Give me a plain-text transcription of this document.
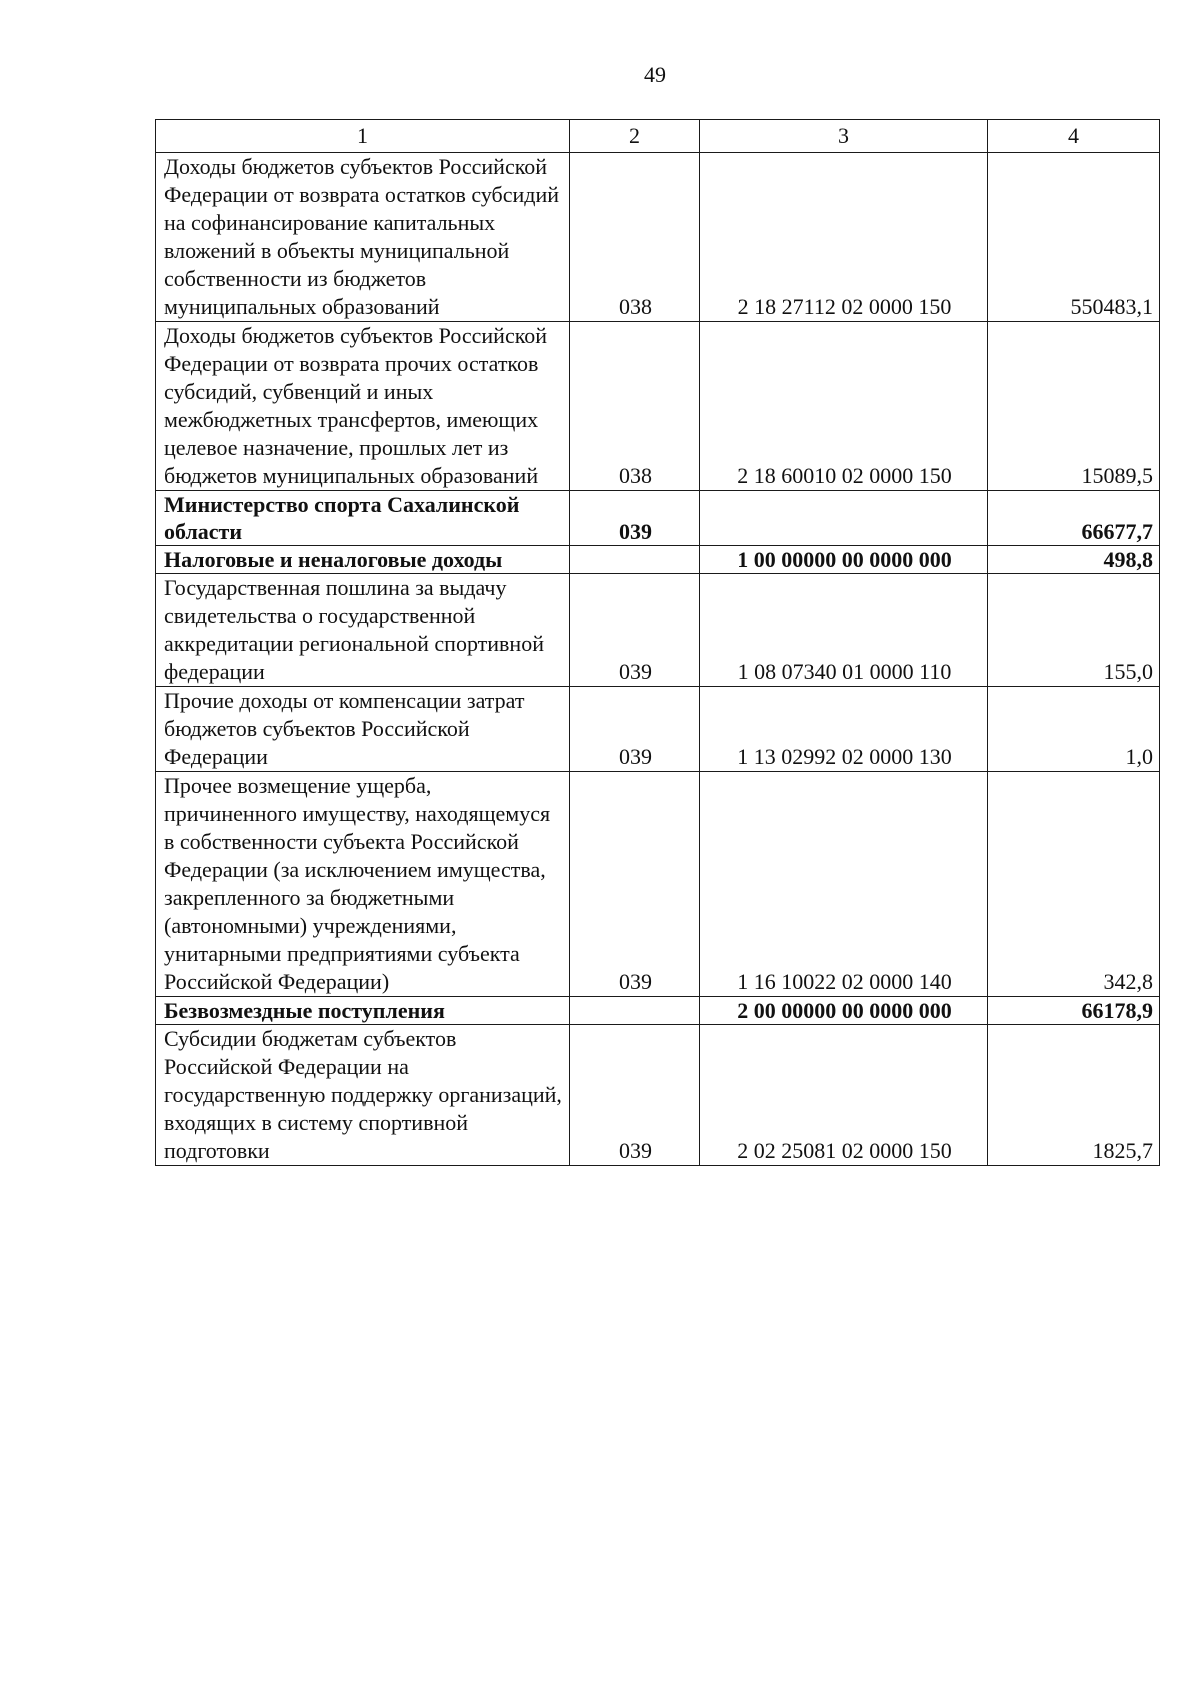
49
1	2	3	4
Доходы бюджетов субъектов Российской Федерации от возврата остатков субсидий на софинансирование капитальных вложений в объекты муниципальной собственности из бюджетов муниципальных образований	038	2 18 27112 02 0000 150	550483,1
Доходы бюджетов субъектов Российской Федерации от возврата прочих остатков субсидий, субвенций и иных межбюджетных трансфертов, имеющих целевое назначение, прошлых лет из бюджетов муниципальных образований	038	2 18 60010 02 0000 150	15089,5
Министерство спорта Сахалинской области	039		66677,7
Налоговые и неналоговые доходы		1 00 00000 00 0000 000	498,8
Государственная пошлина за выдачу свидетельства о государственной аккредитации региональной спортивной федерации	039	1 08 07340 01 0000 110	155,0
Прочие доходы от компенсации затрат бюджетов субъектов Российской Федерации	039	1 13 02992 02 0000 130	1,0
Прочее возмещение ущерба, причиненного имуществу, находящемуся в собственности субъекта Российской Федерации (за исключением имущества, закрепленного за бюджетными (автономными) учреждениями, унитарными предприятиями субъекта Российской Федерации)	039	1 16 10022 02 0000 140	342,8
Безвозмездные поступления		2 00 00000 00 0000 000	66178,9
Субсидии бюджетам субъектов Российской Федерации на государственную поддержку организаций, входящих в систему спортивной подготовки	039	2 02 25081 02 0000 150	1825,7
